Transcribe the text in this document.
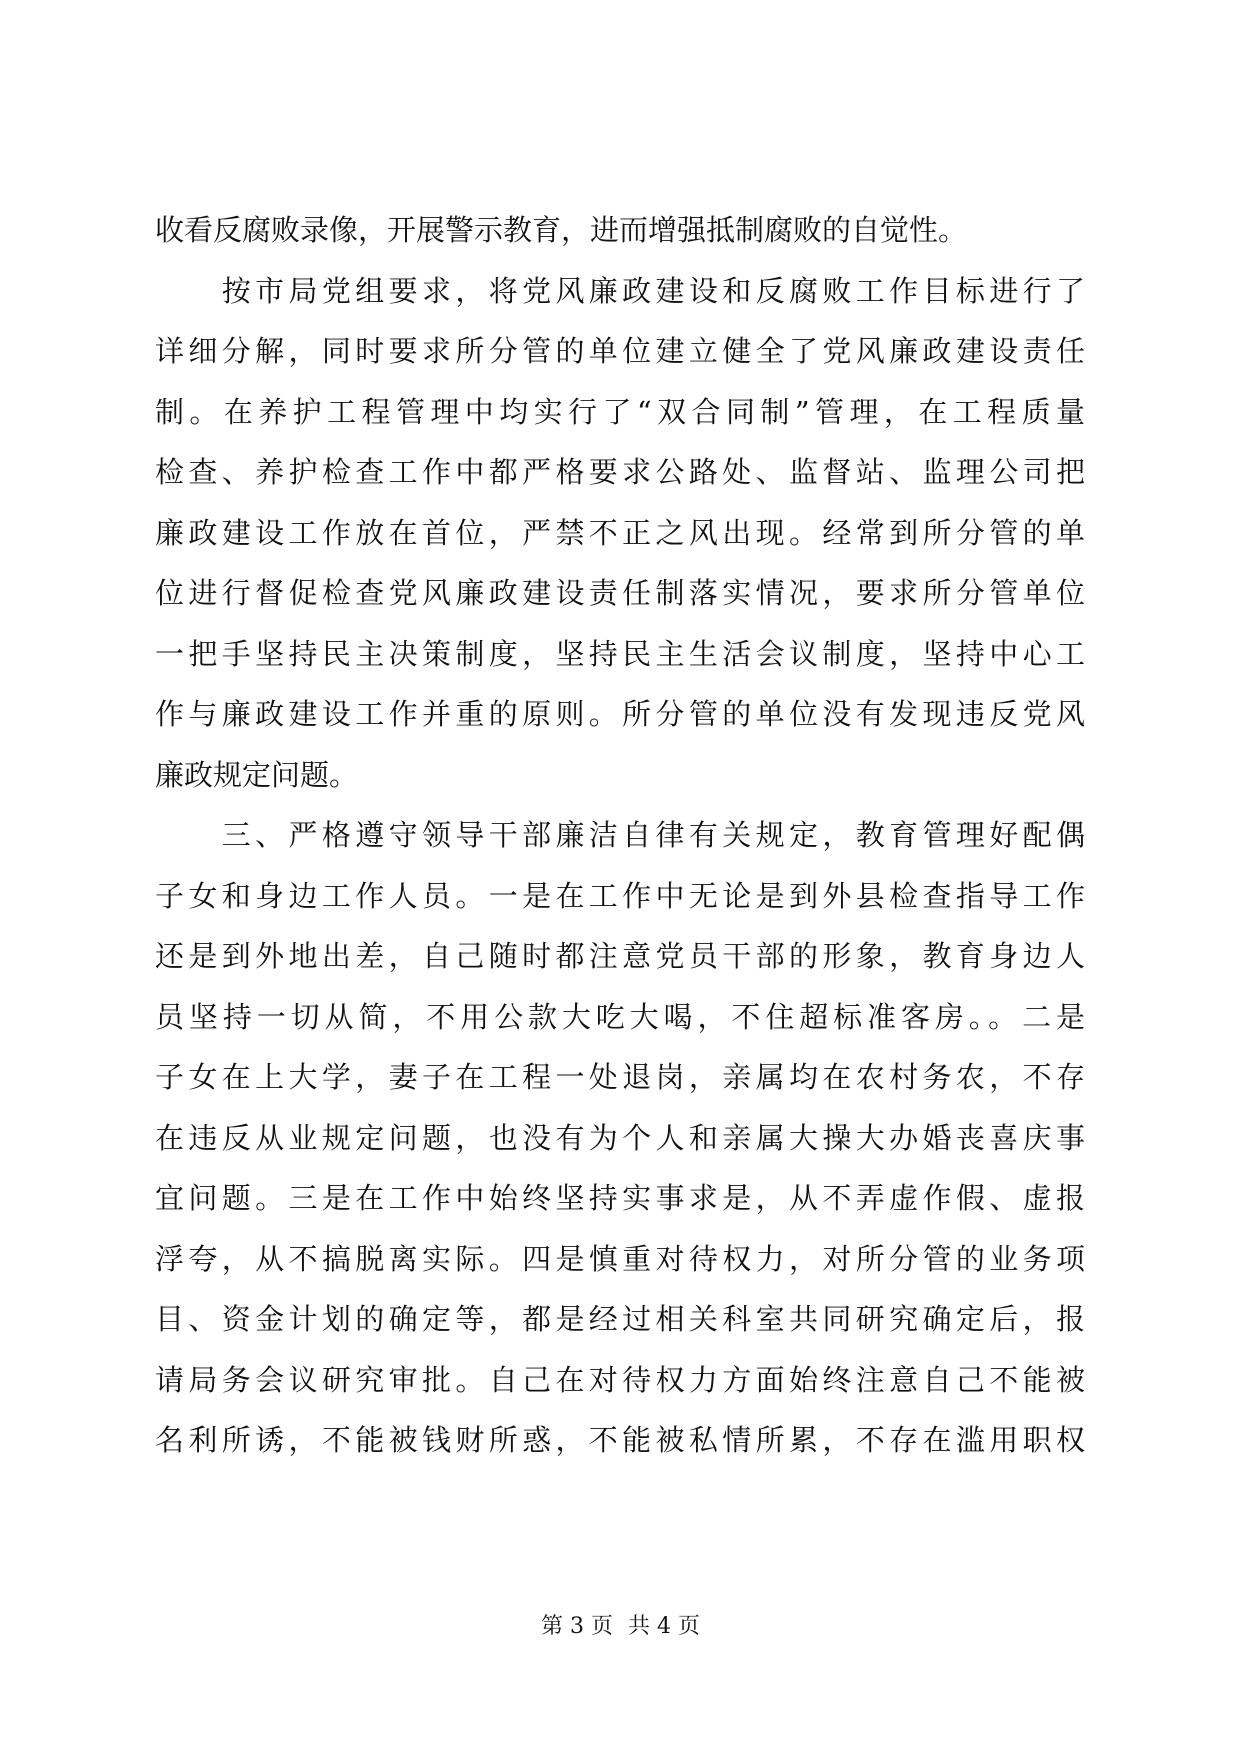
收看反腐败录像，开展警示教育，进而增强抵制腐败的自觉性。
　　按市局党组要求，将党风廉政建设和反腐败工作目标进行了
详细分解，同时要求所分管的单位建立健全了党风廉政建设责任
制。在养护工程管理中均实行了“双合同制”管理，在工程质量
检查、养护检查工作中都严格要求公路处、监督站、监理公司把
廉政建设工作放在首位，严禁不正之风出现。经常到所分管的单
位进行督促检查党风廉政建设责任制落实情况，要求所分管单位
一把手坚持民主决策制度，坚持民主生活会议制度，坚持中心工
作与廉政建设工作并重的原则。所分管的单位没有发现违反党风
廉政规定问题。
　　三、严格遵守领导干部廉洁自律有关规定，教育管理好配偶
子女和身边工作人员。一是在工作中无论是到外县检查指导工作
还是到外地出差，自己随时都注意党员干部的形象，教育身边人
员坚持一切从简，不用公款大吃大喝，不住超标准客房。。二是
子女在上大学，妻子在工程一处退岗，亲属均在农村务农，不存
在违反从业规定问题，也没有为个人和亲属大操大办婚丧喜庆事
宜问题。三是在工作中始终坚持实事求是，从不弄虚作假、虚报
浮夸，从不搞脱离实际。四是慎重对待权力，对所分管的业务项
目、资金计划的确定等，都是经过相关科室共同研究确定后，报
请局务会议研究审批。自己在对待权力方面始终注意自己不能被
名利所诱，不能被钱财所惑，不能被私情所累，不存在滥用职权
第 3 页 共 4 页
